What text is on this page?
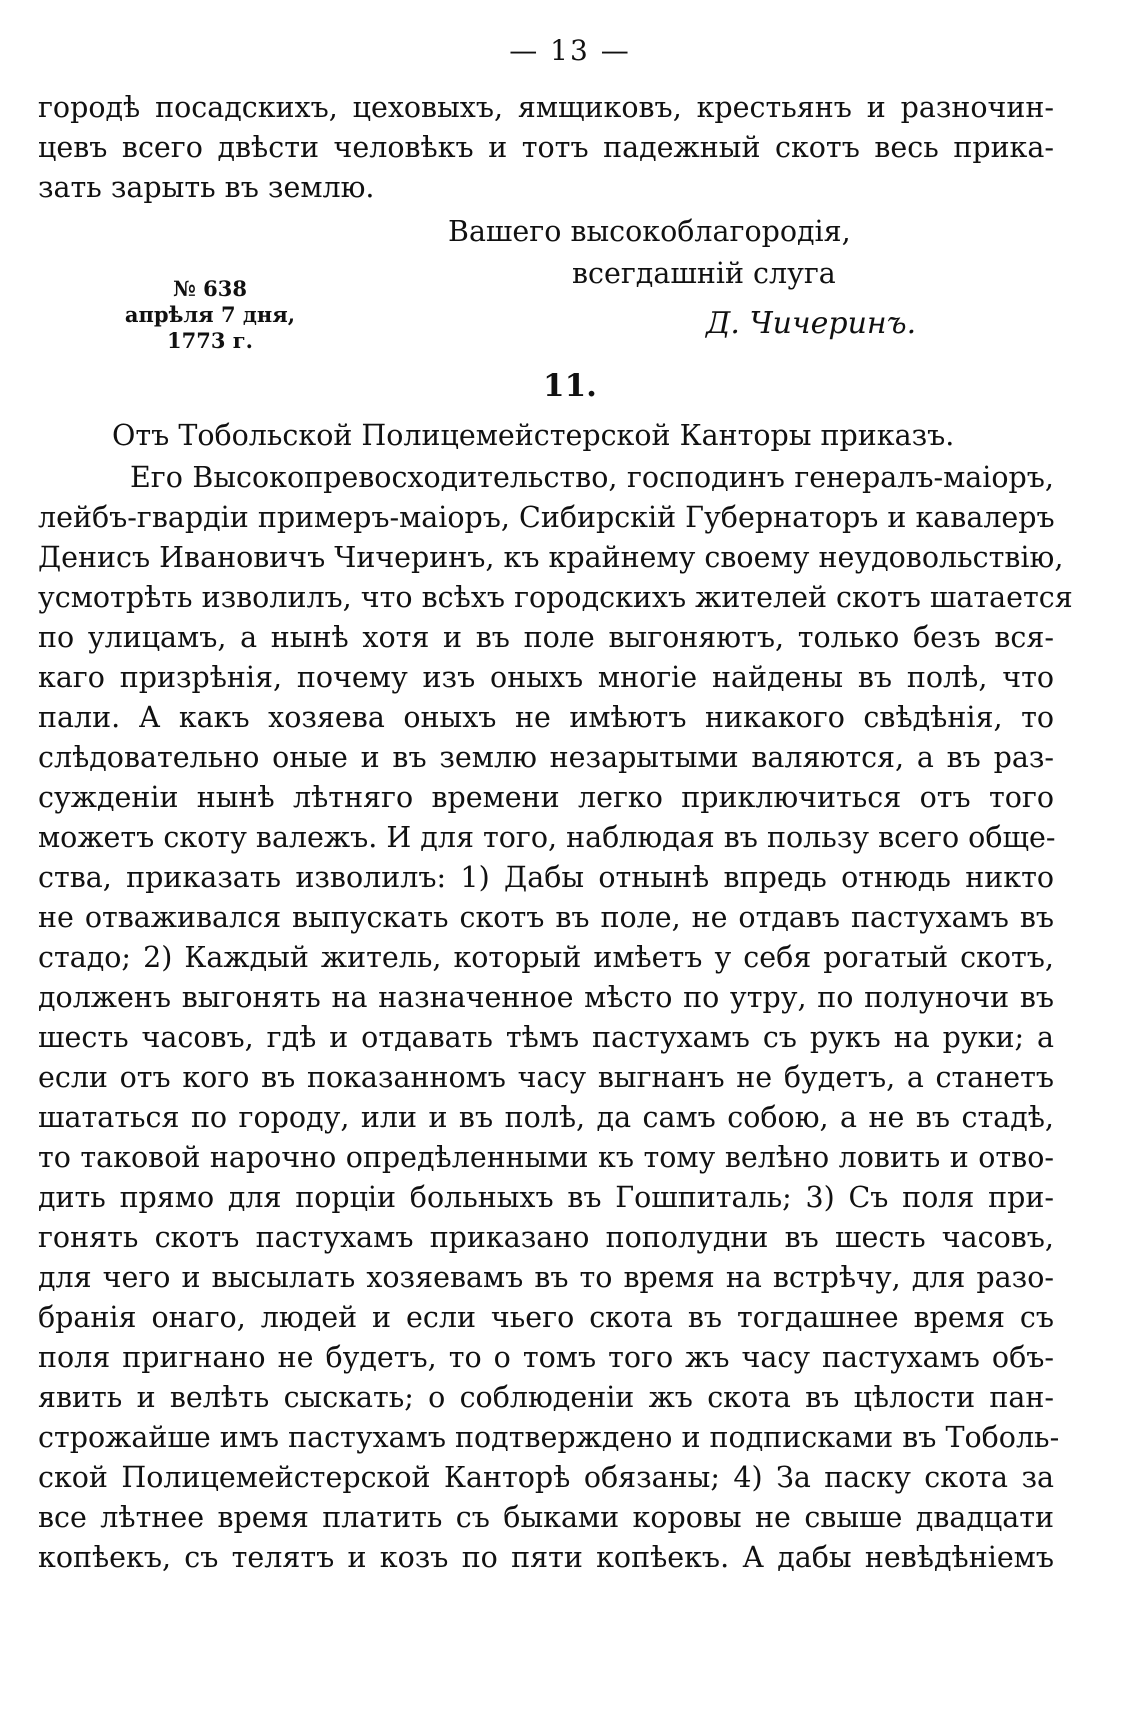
— 13 —
городѣ посадскихъ, цеховыхъ, ямщиковъ, крестьянъ и разночин-
цевъ всего двѣсти человѣкъ и тотъ падежный скотъ весь прика-
зать зарыть въ землю.
Вашего высокоблагородія,
всегдашній слуга
Д. Чичеринъ.
№ 638
апрѣля 7 дня,
1773 г.
11.
Отъ Тобольской Полицемейстерской Канторы приказъ.
Его Высокопревосходительство, господинъ генералъ-маіоръ,
лейбъ-гвардіи примеръ-маіоръ, Сибирскій Губернаторъ и кавалеръ
Денисъ Ивановичъ Чичеринъ, къ крайнему своему неудовольствію,
усмотрѣть изволилъ, что всѣхъ городскихъ жителей скотъ шатается
по улицамъ, а нынѣ хотя и въ поле выгоняютъ, только безъ вся-
каго призрѣнія, почему изъ оныхъ многіе найдены въ полѣ, что
пали. А какъ хозяева оныхъ не имѣютъ никакого свѣдѣнія, то
слѣдовательно оные и въ землю незарытыми валяются, а въ раз-
сужденіи нынѣ лѣтняго времени легко приключиться отъ того
можетъ скоту валежъ. И для того, наблюдая въ пользу всего обще-
ства, приказать изволилъ: 1) Дабы отнынѣ впредь отнюдь никто
не отваживался выпускать скотъ въ поле, не отдавъ пастухамъ въ
стадо; 2) Каждый житель, который имѣетъ у себя рогатый скотъ,
долженъ выгонять на назначенное мѣсто по утру, по полуночи въ
шесть часовъ, гдѣ и отдавать тѣмъ пастухамъ съ рукъ на руки; а
если отъ кого въ показанномъ часу выгнанъ не будетъ, а станетъ
шататься по городу, или и въ полѣ, да самъ собою, а не въ стадѣ,
то таковой нарочно опредѣленными къ тому велѣно ловить и отво-
дить прямо для порціи больныхъ въ Гошпиталь; 3) Съ поля при-
гонять скотъ пастухамъ приказано пополудни въ шесть часовъ,
для чего и высылать хозяевамъ въ то время на встрѣчу, для разо-
бранія онаго, людей и если чьего скота въ тогдашнее время съ
поля пригнано не будетъ, то о томъ того жъ часу пастухамъ объ-
явить и велѣть сыскать; о соблюденіи жъ скота въ цѣлости пан-
строжайше имъ пастухамъ подтверждено и подписками въ Тоболь-
ской Полицемейстерской Канторѣ обязаны; 4) За паску скота за
все лѣтнее время платить съ быками коровы не свыше двадцати
копѣекъ, съ телятъ и козъ по пяти копѣекъ. А дабы невѣдѣніемъ
